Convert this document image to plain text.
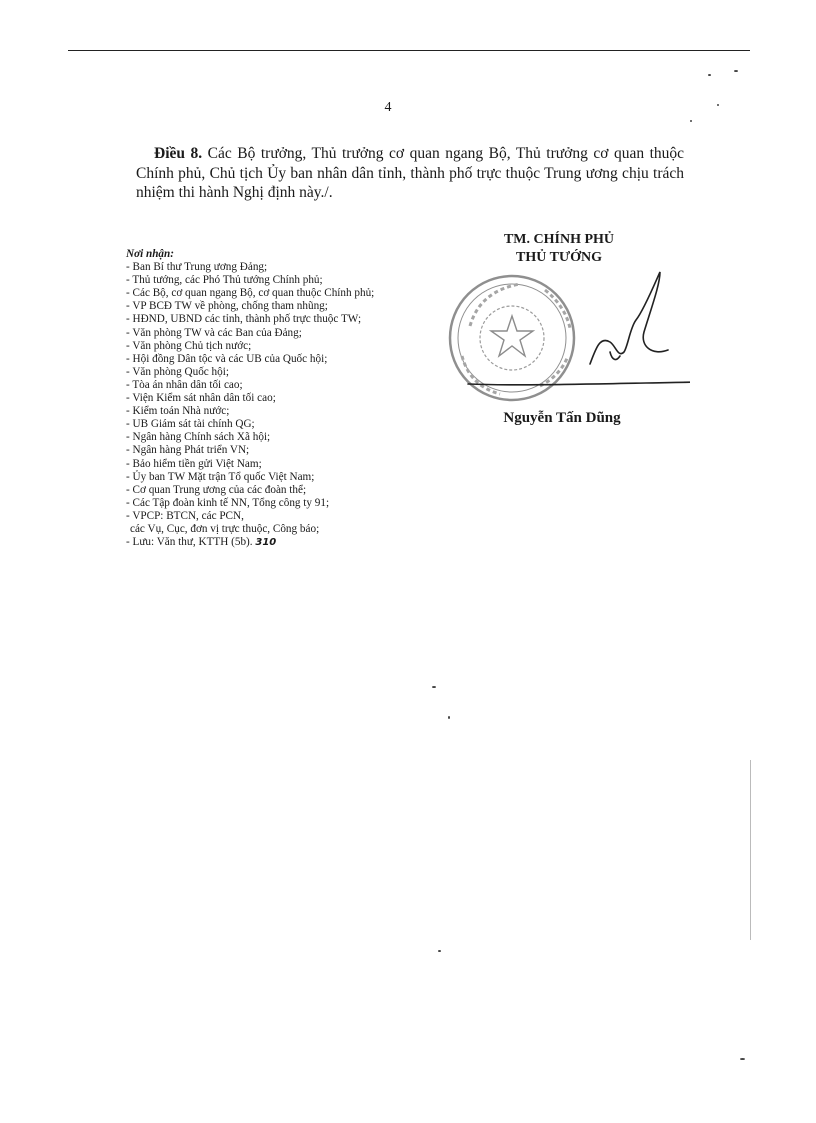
4

Điều 8. Các Bộ trưởng, Thủ trưởng cơ quan ngang Bộ, Thủ trưởng cơ quan thuộc Chính phủ, Chủ tịch Ủy ban nhân dân tỉnh, thành phố trực thuộc Trung ương chịu trách nhiệm thi hành Nghị định này./.

Nơi nhận:
- Ban Bí thư Trung ương Đảng;
- Thủ tướng, các Phó Thủ tướng Chính phủ;
- Các Bộ, cơ quan ngang Bộ, cơ quan thuộc Chính phủ;
- VP BCĐ TW về phòng, chống tham nhũng;
- HĐND, UBND các tỉnh, thành phố trực thuộc TW;
- Văn phòng TW và các Ban của Đảng;
- Văn phòng Chủ tịch nước;
- Hội đồng Dân tộc và các UB của Quốc hội;
- Văn phòng Quốc hội;
- Tòa án nhân dân tối cao;
- Viện Kiểm sát nhân dân tối cao;
- Kiểm toán Nhà nước;
- UB Giám sát tài chính QG;
- Ngân hàng Chính sách Xã hội;
- Ngân hàng Phát triển VN;
- Bảo hiểm tiền gửi Việt Nam;
- Ủy ban TW Mặt trận Tổ quốc Việt Nam;
- Cơ quan Trung ương của các đoàn thể;
- Các Tập đoàn kinh tế NN, Tổng công ty 91;
- VPCP: BTCN, các PCN,
các Vụ, Cục, đơn vị trực thuộc, Công báo;
- Lưu: Văn thư, KTTH (5b). 310
TM. CHÍNH PHỦ
THỦ TƯỚNG
Nguyễn Tấn Dũng
